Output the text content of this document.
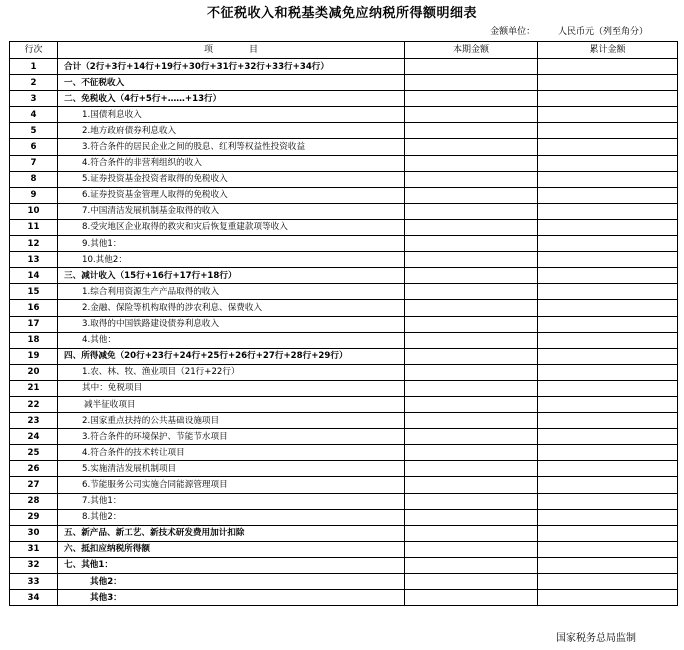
不征税收入和税基类减免应纳税所得额明细表
金额单位：	人民币元（列至角分）
行次	项　　　　目	本期金额	累计金额
1	合计（2行+3行+14行+19行+30行+31行+32行+33行+34行）		
2	一、不征税收入		
3	二、免税收入（4行+5行+……+13行）		
4	1.国债利息收入		
5	2.地方政府债券利息收入		
6	3.符合条件的居民企业之间的股息、红利等权益性投资收益		
7	4.符合条件的非营利组织的收入		
8	5.证券投资基金投资者取得的免税收入		
9	6.证券投资基金管理人取得的免税收入		
10	7.中国清洁发展机制基金取得的收入		
11	8.受灾地区企业取得的救灾和灾后恢复重建款项等收入		
12	9.其他1：		
13	10.其他2：		
14	三、减计收入（15行+16行+17行+18行）		
15	1.综合利用资源生产产品取得的收入		
16	2.金融、保险等机构取得的涉农利息、保费收入		
17	3.取得的中国铁路建设债券利息收入		
18	4.其他：		
19	四、所得减免（20行+23行+24行+25行+26行+27行+28行+29行）		
20	1.农、林、牧、渔业项目（21行+22行）		
21	其中：免税项目		
22	减半征收项目		
23	2.国家重点扶持的公共基础设施项目		
24	3.符合条件的环境保护、节能节水项目		
25	4.符合条件的技术转让项目		
26	5.实施清洁发展机制项目		
27	6.节能服务公司实施合同能源管理项目		
28	7.其他1：		
29	8.其他2：		
30	五、新产品、新工艺、新技术研发费用加计扣除		
31	六、抵扣应纳税所得额		
32	七、其他1：		
33	其他2：		
34	其他3：		
国家税务总局监制
